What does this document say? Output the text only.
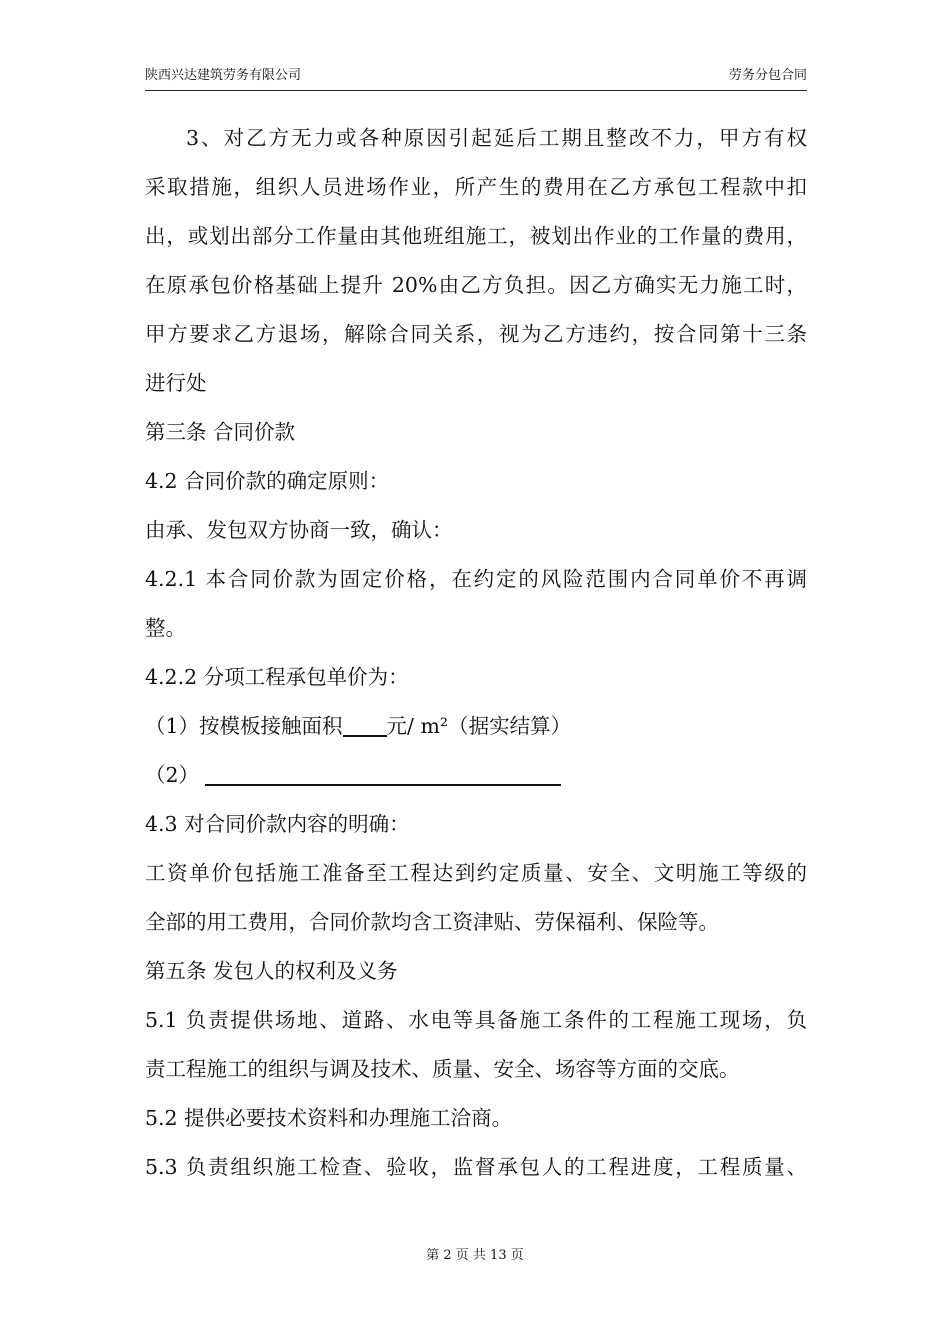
陕西兴达建筑劳务有限公司	劳务分包合同

3、对乙方无力或各种原因引起延后工期且整改不力，甲方有权

采取措施，组织人员进场作业，所产生的费用在乙方承包工程款中扣

出，或划出部分工作量由其他班组施工，被划出作业的工作量的费用，

在原承包价格基础上提升 20%由乙方负担。因乙方确实无力施工时，

甲方要求乙方退场，解除合同关系，视为乙方违约，按合同第十三条

进行处

第三条 合同价款

4.2 合同价款的确定原则：

由承、发包双方协商一致，确认：

4.2.1 本合同价款为固定价格，在约定的风险范围内合同单价不再调

整。

4.2.2 分项工程承包单价为：

（1）按模板接触面积 元/ m²（据实结算）

（2）

4.3 对合同价款内容的明确：

工资单价包括施工准备至工程达到约定质量、安全、文明施工等级的

全部的用工费用，合同价款均含工资津贴、劳保福利、保险等。

第五条 发包人的权利及义务

5.1 负责提供场地、道路、水电等具备施工条件的工程施工现场，负

责工程施工的组织与调及技术、质量、安全、场容等方面的交底。

5.2 提供必要技术资料和办理施工洽商。

5.3 负责组织施工检查、验收，监督承包人的工程进度，工程质量、

第 2 页 共 13 页
